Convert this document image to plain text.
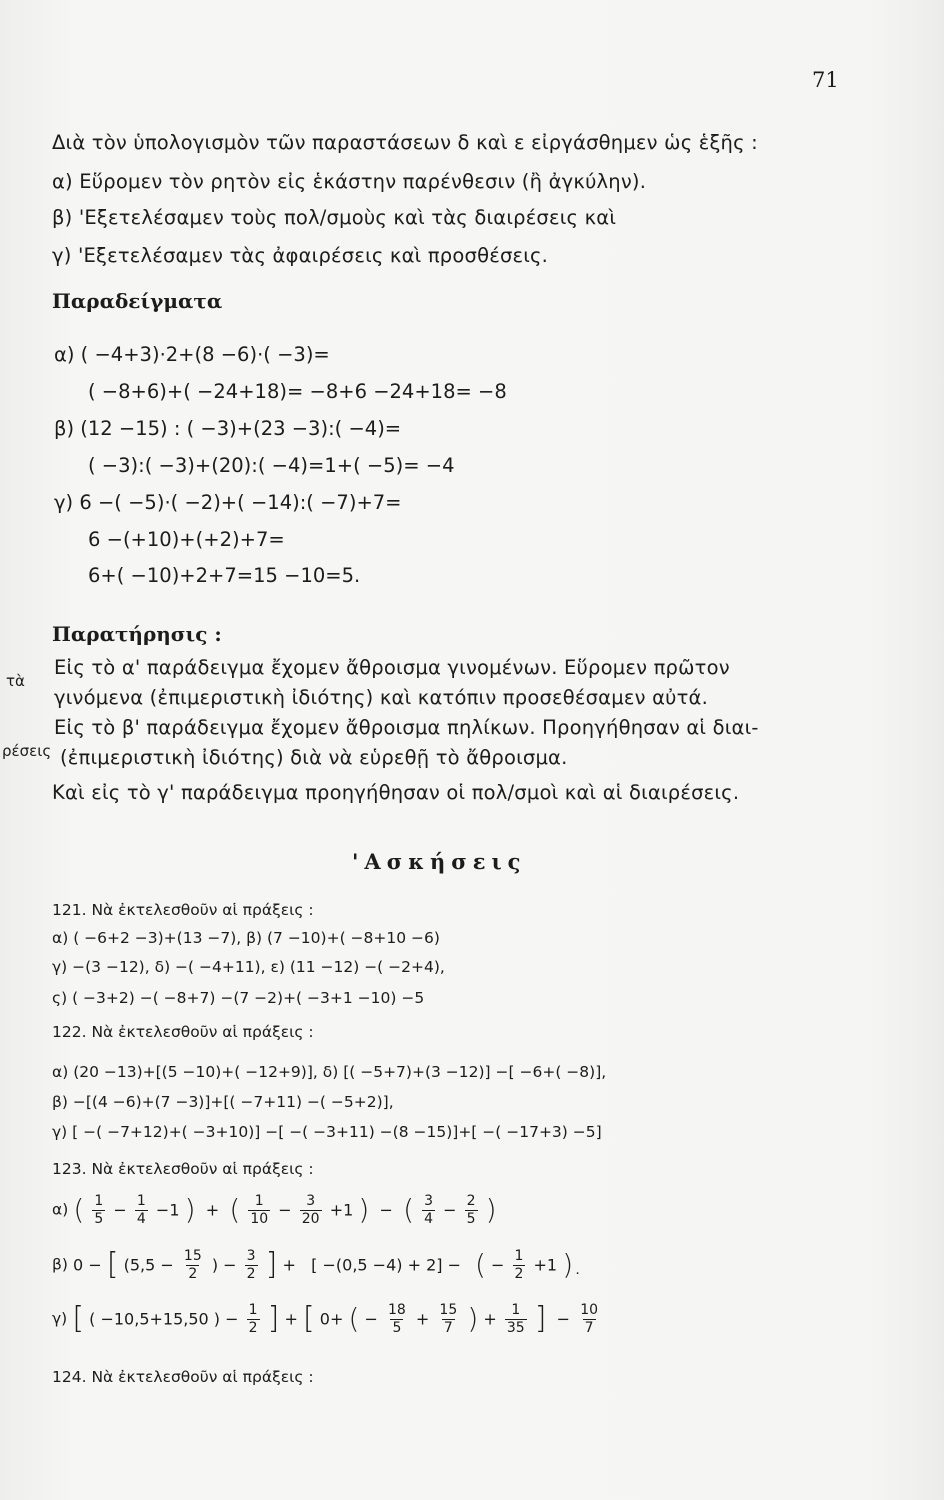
71
Διὰ τὸν ὑπολογισμὸν τῶν παραστάσεων δ καὶ ε εἰργάσθημεν ὡς ἑξῆς :
α) Εὕρομεν τὸν ρητὸν εἰς ἑκάστην παρένθεσιν (ἢ ἀγκύλην).
β) 'Εξετελέσαμεν τοὺς πολ/σμοὺς καὶ τὰς διαιρέσεις καὶ
γ) 'Εξετελέσαμεν τὰς ἀφαιρέσεις καὶ προσθέσεις.
Παραδείγματα
α) ( −4+3)·2+(8 −6)·( −3)=
( −8+6)+( −24+18)= −8+6 −24+18= −8
β) (12 −15) : ( −3)+(23 −3):( −4)=
( −3):( −3)+(20):( −4)=1+( −5)= −4
γ) 6 −( −5)·( −2)+( −14):( −7)+7=
6 −(+10)+(+2)+7=
6+( −10)+2+7=15 −10=5.
Παρατήρησις :
Εἰς τὸ α' παράδειγμα ἔχομεν ἄθροισμα γινομένων. Εὕρομεν πρῶτον
τὰ
γινόμενα (ἐπιμεριστικὴ ἰδιότης) καὶ κατόπιν προσεθέσαμεν αὐτά.
Εἰς τὸ β' παράδειγμα ἔχομεν ἄθροισμα πηλίκων. Προηγήθησαν αἱ διαι-
ρέσεις (ἐπιμεριστικὴ ἰδιότης) διὰ νὰ εὑρεθῇ τὸ ἄθροισμα.
Καὶ εἰς τὸ γ' παράδειγμα προηγήθησαν οἱ πολ/σμοὶ καὶ αἱ διαιρέσεις.
'Ασκήσεις
121. Νὰ ἐκτελεσθοῦν αἱ πράξεις :
α) ( −6+2 −3)+(13 −7), β) (7 −10)+( −8+10 −6)
γ) −(3 −12), δ) −( −4+11), ε) (11 −12) −( −2+4),
ς) ( −3+2) −( −8+7) −(7 −2)+( −3+1 −10) −5
122. Νὰ ἐκτελεσθοῦν αἱ πράξεις :
α) (20 −13)+[(5 −10)+( −12+9)], δ) [( −5+7)+(3 −12)] −[ −6+( −8)],
β) −[(4 −6)+(7 −3)]+[( −7+11) −( −5+2)],
γ) [ −( −7+12)+( −3+10)] −[ −( −3+11) −(8 −15)]+[ −( −17+3) −5]
123. Νὰ ἐκτελεσθοῦν αἱ πράξεις :
α) ( $\frac{1}{5} - \frac{1}{4} -1$ )  +  ( $\frac{1}{10} - \frac{3}{20} +1$ )  −  ( $\frac{3}{4} - \frac{2}{5}$ )
β) 0 − [ ($5,5 - \frac{15}{2}$ ) − $\frac{3}{2}$ ] +   [ −(0,5 −4) + 2] −  ( − $\frac{1}{2} +1$ ).
γ) [ ( −10,5+15,50 ) − $\frac{1}{2}$ ] + [ 0+ ( − $\frac{18}{5} + \frac{15}{7}$ ) + $\frac{1}{35}$ ]  − $\frac{10}{7}$
124. Νὰ ἐκτελεσθοῦν αἱ πράξεις :
